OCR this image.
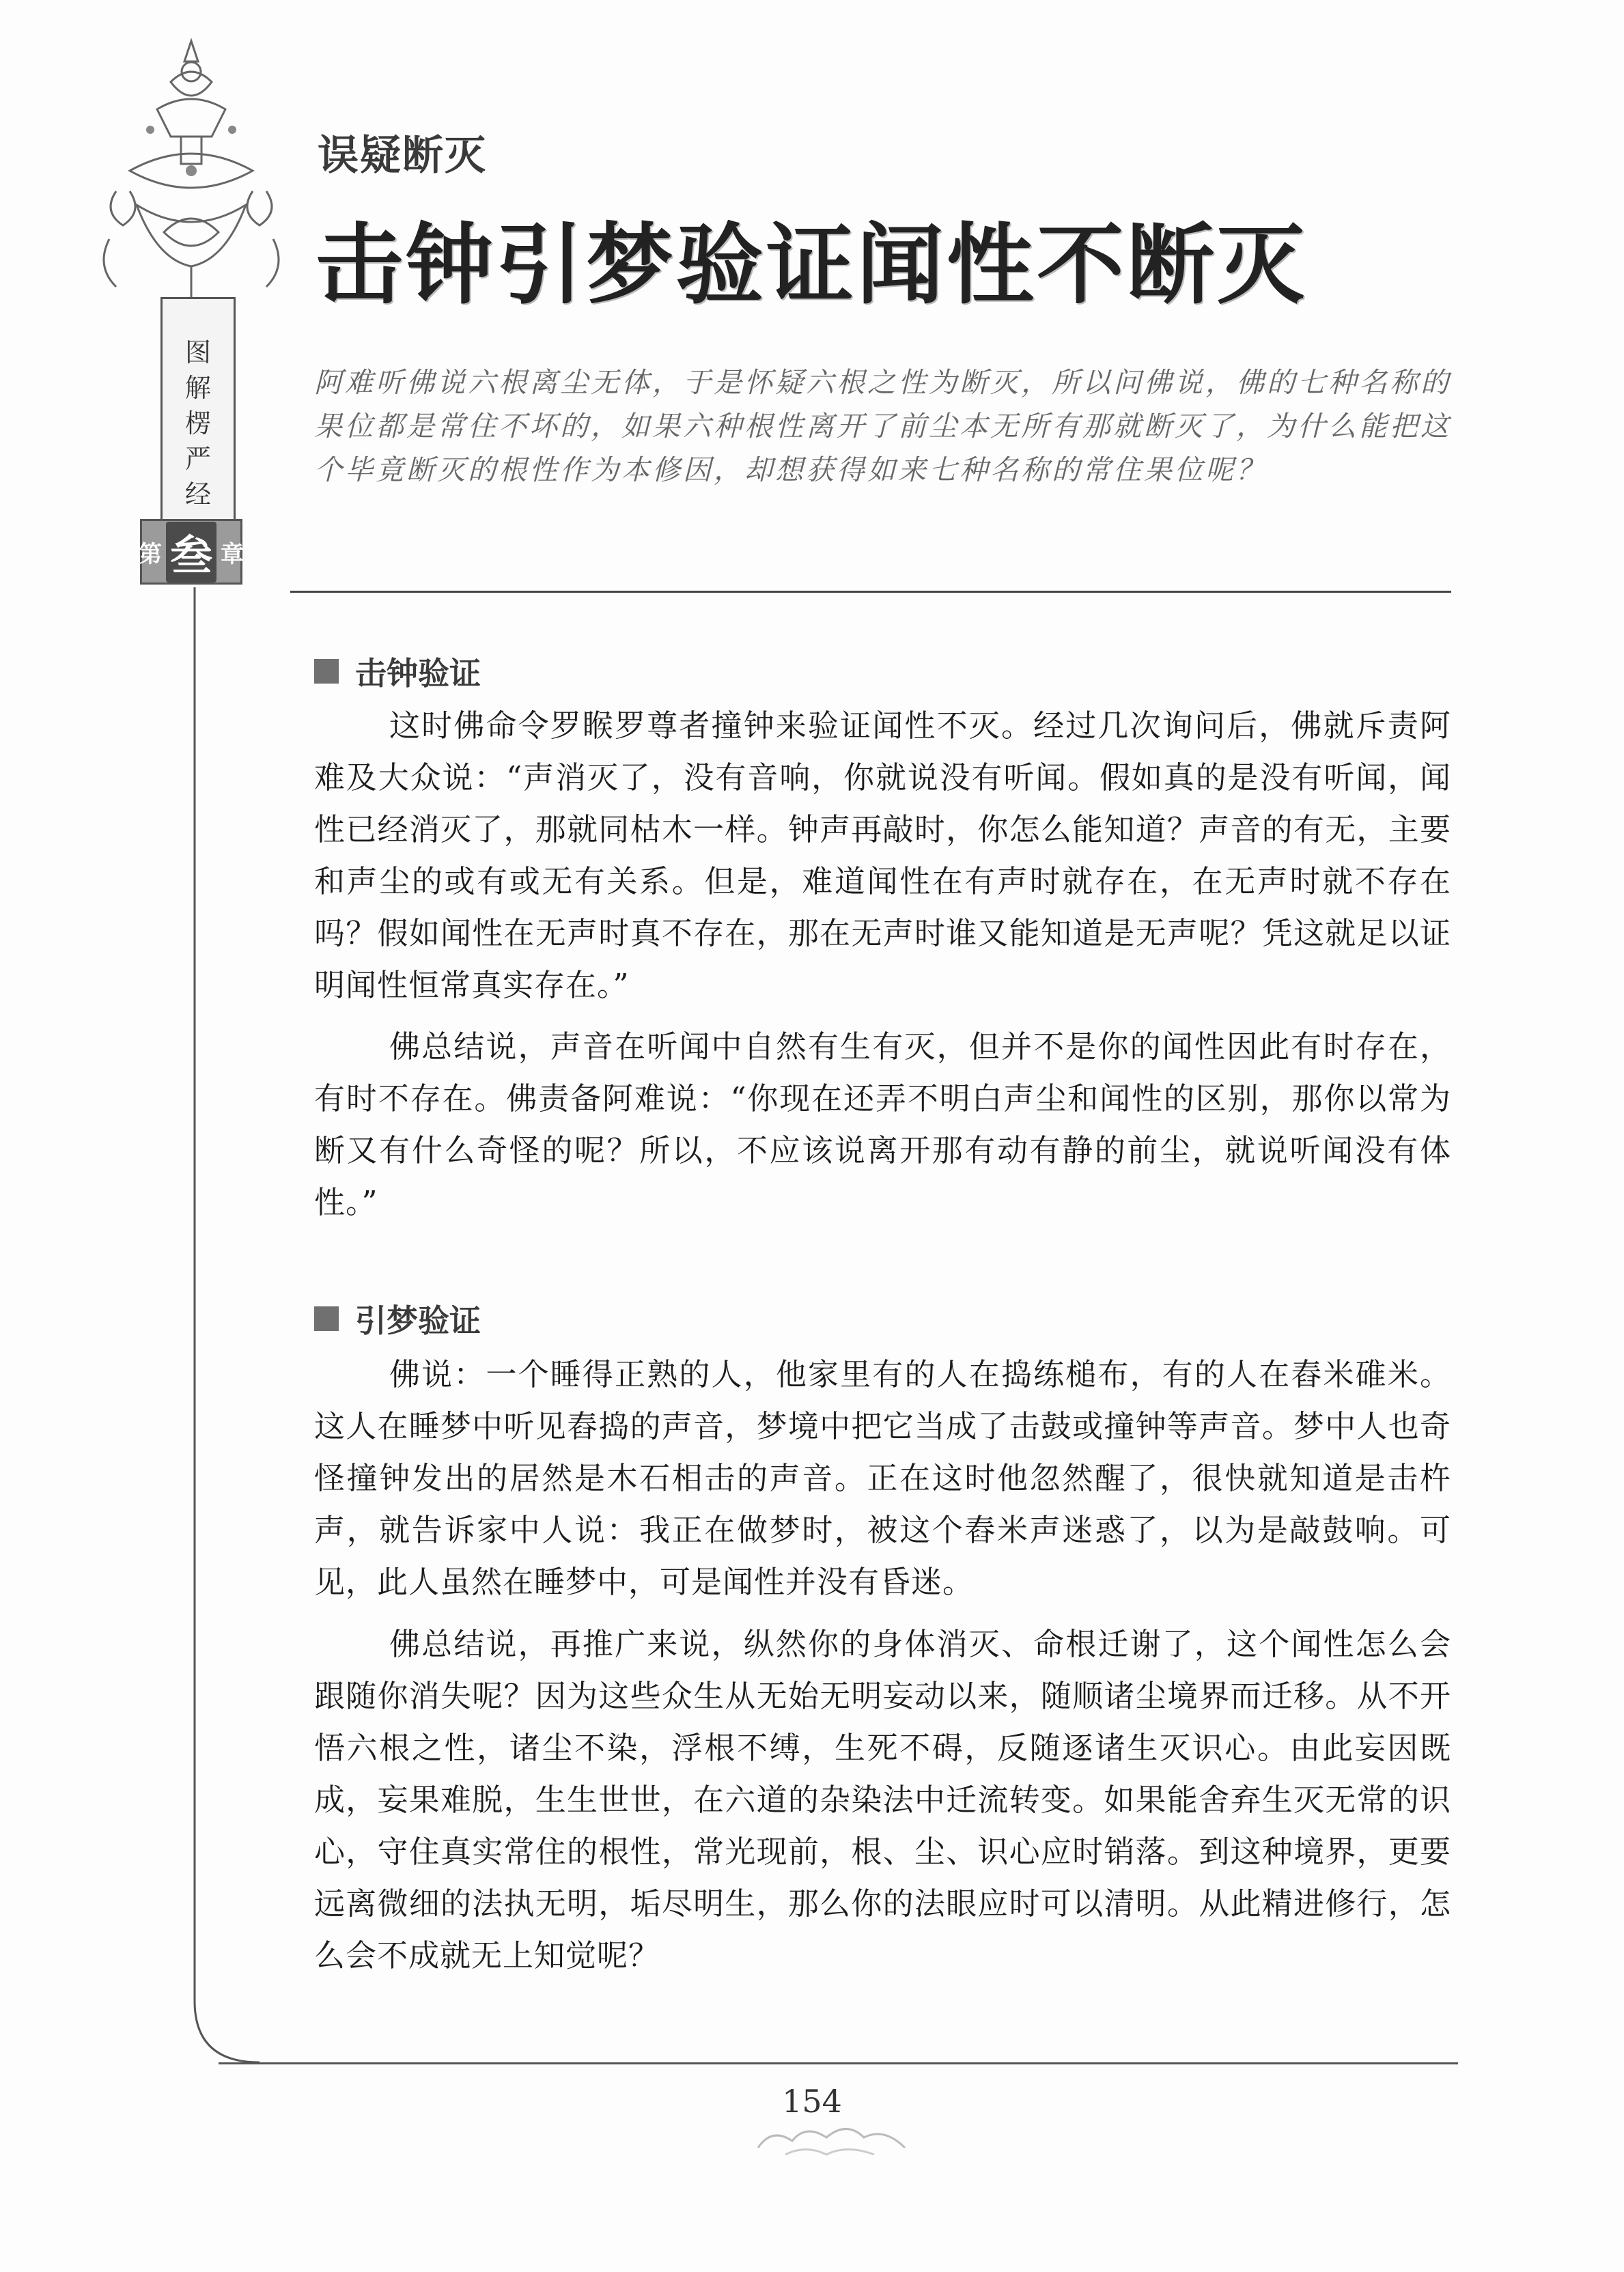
图
解
楞
严
经
第 叁 章
误疑断灭
击钟引梦验证闻性不断灭
阿难听佛说六根离尘无体，于是怀疑六根之性为断灭，所以问佛说，佛的七种名称的果位都是常住不坏的，如果六种根性离开了前尘本无所有那就断灭了，为什么能把这个毕竟断灭的根性作为本修因，却想获得如来七种名称的常住果位呢？
击钟验证
这时佛命令罗睺罗尊者撞钟来验证闻性不灭。经过几次询问后，佛就斥责阿难及大众说：“声消灭了，没有音响，你就说没有听闻。假如真的是没有听闻，闻性已经消灭了，那就同枯木一样。钟声再敲时，你怎么能知道？声音的有无，主要和声尘的或有或无有关系。但是，难道闻性在有声时就存在，在无声时就不存在吗？假如闻性在无声时真不存在，那在无声时谁又能知道是无声呢？凭这就足以证明闻性恒常真实存在。”
佛总结说，声音在听闻中自然有生有灭，但并不是你的闻性因此有时存在，有时不存在。佛责备阿难说：“你现在还弄不明白声尘和闻性的区别，那你以常为断又有什么奇怪的呢？所以，不应该说离开那有动有静的前尘，就说听闻没有体性。”
引梦验证
佛说：一个睡得正熟的人，他家里有的人在捣练槌布，有的人在舂米碓米。这人在睡梦中听见舂捣的声音，梦境中把它当成了击鼓或撞钟等声音。梦中人也奇怪撞钟发出的居然是木石相击的声音。正在这时他忽然醒了，很快就知道是击杵声，就告诉家中人说：我正在做梦时，被这个舂米声迷惑了，以为是敲鼓响。可见，此人虽然在睡梦中，可是闻性并没有昏迷。
佛总结说，再推广来说，纵然你的身体消灭、命根迁谢了，这个闻性怎么会跟随你消失呢？因为这些众生从无始无明妄动以来，随顺诸尘境界而迁移。从不开悟六根之性，诸尘不染，浮根不缚，生死不碍，反随逐诸生灭识心。由此妄因既成，妄果难脱，生生世世，在六道的杂染法中迁流转变。如果能舍弃生灭无常的识心，守住真实常住的根性，常光现前，根、尘、识心应时销落。到这种境界，更要远离微细的法执无明，垢尽明生，那么你的法眼应时可以清明。从此精进修行，怎么会不成就无上知觉呢？
154
